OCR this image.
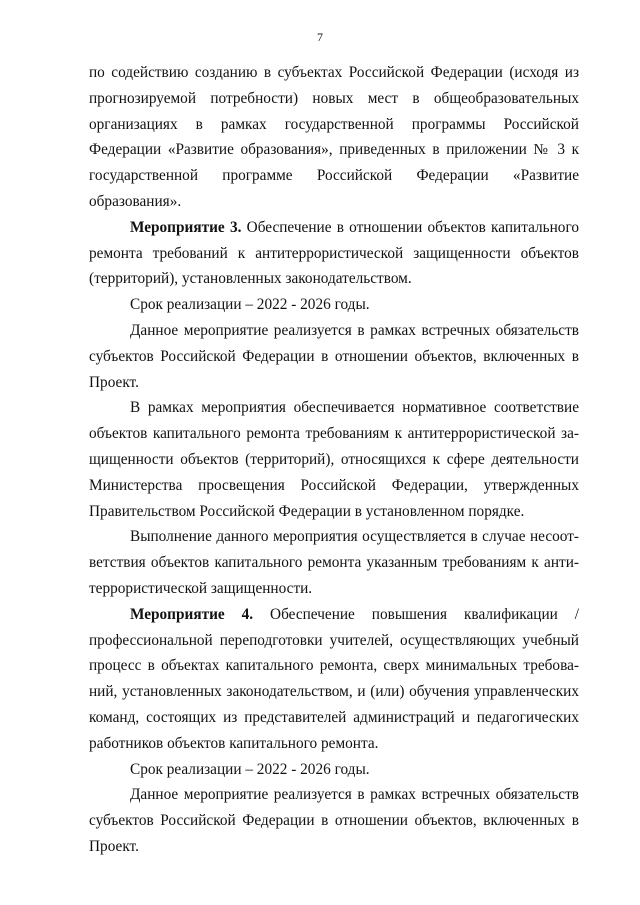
7

по содействию созданию в субъектах Российской Федерации (исходя из прогнозируемой потребности) новых мест в общеобразовательных организациях в рамках государственной программы Российской Федерации «Развитие образования», приведенных в приложении № 3 к государственной программе Российской Федерации «Развитие образования».

Мероприятие 3. Обеспечение в отношении объектов капитального ремонта требований к антитеррористической защищенности объектов (территорий), установленных законодательством.

Срок реализации – 2022 - 2026 годы.

Данное мероприятие реализуется в рамках встречных обязательств субъектов Российской Федерации в отношении объектов, включенных в Проект.

В рамках мероприятия обеспечивается нормативное соответствие объектов капитального ремонта требованиям к антитеррористической защищенности объектов (территорий), относящихся к сфере деятельности Министерства просвещения Российской Федерации, утвержденных Правительством Российской Федерации в установленном порядке.

Выполнение данного мероприятия осуществляется в случае несоответствия объектов капитального ремонта указанным требованиям к антитеррористической защищенности.

Мероприятие 4. Обеспечение повышения квалификации /профессиональной переподготовки учителей, осуществляющих учебный процесс в объектах капитального ремонта, сверх минимальных требований, установленных законодательством, и (или) обучения управленческих команд, состоящих из представителей администраций и педагогических работников объектов капитального ремонта.

Срок реализации – 2022 - 2026 годы.

Данное мероприятие реализуется в рамках встречных обязательств субъектов Российской Федерации в отношении объектов, включенных в Проект.
